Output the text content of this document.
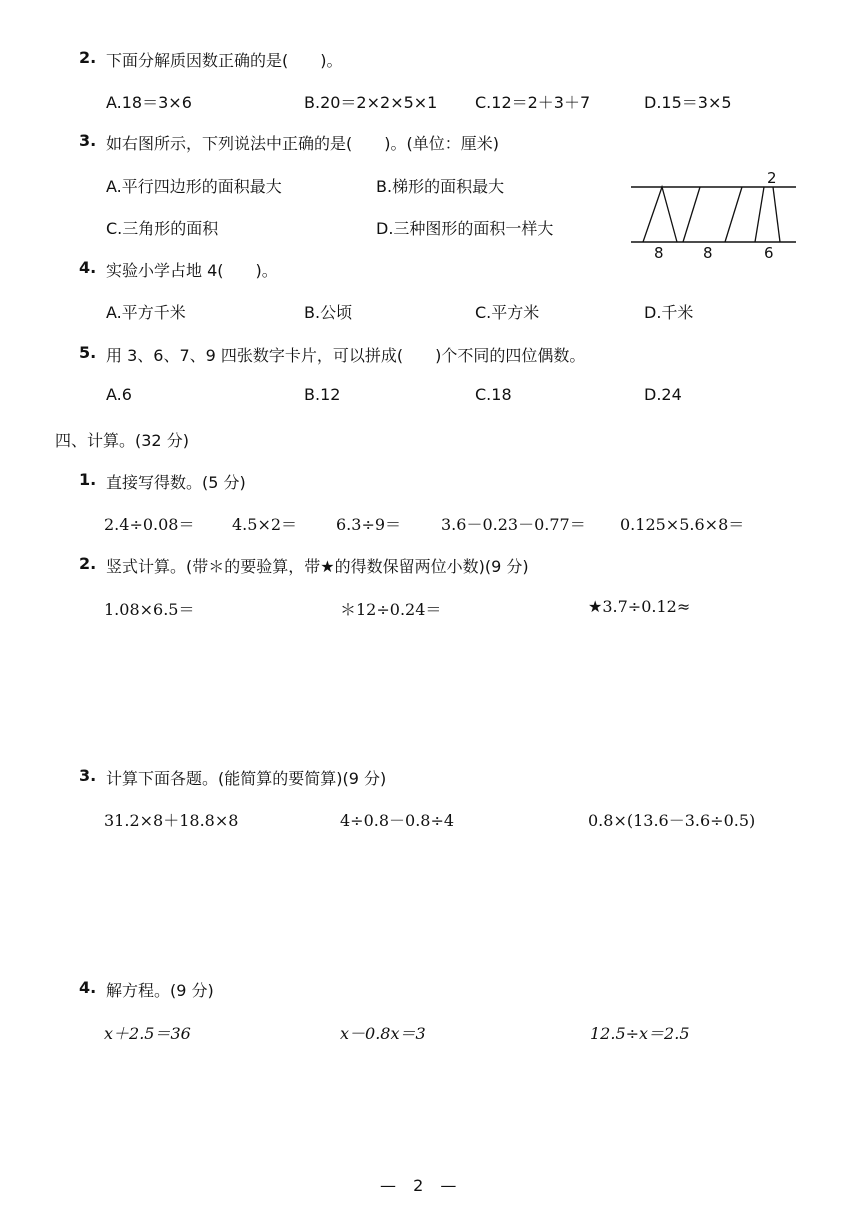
2. 下面分解质因数正确的是(　　)。
A.18＝3×6	B.20＝2×2×5×1 C.12＝2＋3＋7	D.15＝3×5
3. 如右图所示，下列说法中正确的是(　　)。(单位：厘米)
A.平行四边形的面积最大	B.梯形的面积最大
C.三角形的面积	D.三种图形的面积一样大
2
8	8	6
4. 实验小学占地 4(　　)。
A.平方千米	B.公顷	C.平方米	D.千米
5. 用 3、6、7、9 四张数字卡片，可以拼成(　　)个不同的四位偶数。
A.6	B.12	C.18	D.24
四、计算。(32 分)
1. 直接写得数。(5 分)
2.4÷0.08＝ 4.5×2＝ 6.3÷9＝ 3.6－0.23－0.77＝ 0.125×5.6×8＝
2. 竖式计算。(带＊的要验算，带★的得数保留两位小数)(9 分)
1.08×6.5＝	＊12÷0.24＝	★3.7÷0.12≈
3. 计算下面各题。(能简算的要简算)(9 分)
31.2×8＋18.8×8	4÷0.8－0.8÷4	0.8×(13.6－3.6÷0.5)
4. 解方程。(9 分)
x＋2.5＝36	x－0.8x＝3	12.5÷x＝2.5
— 2 —
